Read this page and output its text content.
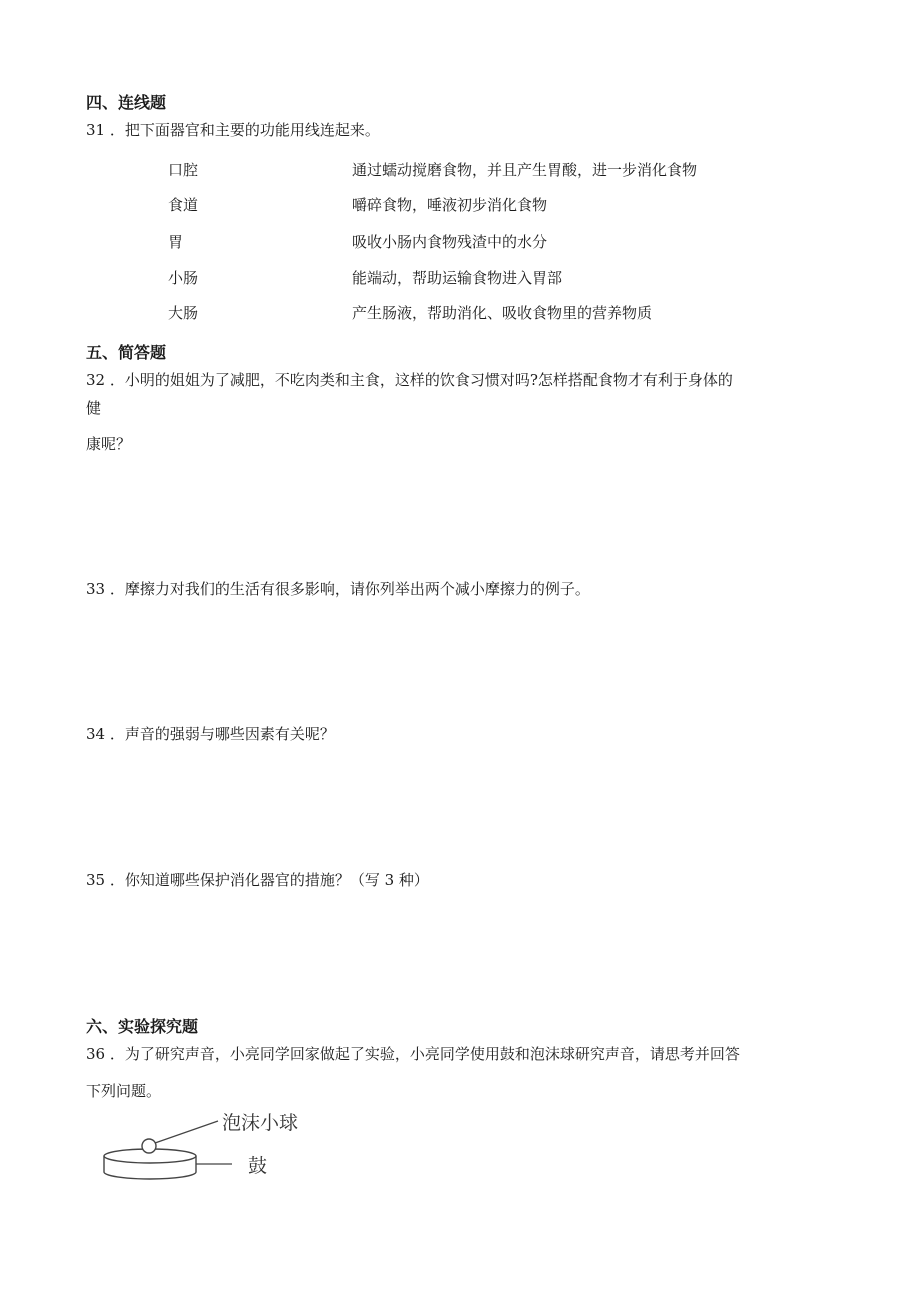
四、连线题
31 ．把下面器官和主要的功能用线连起来。
口腔
食道
胃
小肠
大肠
通过蠕动搅磨食物，并且产生胃酸，进一步消化食物
嚼碎食物，唾液初步消化食物
吸收小肠内食物残渣中的水分
能端动，帮助运输食物进入胃部
产生肠液，帮助消化、吸收食物里的营养物质
五、简答题
32 ．小明的姐姐为了减肥，不吃肉类和主食，这样的饮食习惯对吗?怎样搭配食物才有利于身体的
健
康呢？
33 ．摩擦力对我们的生活有很多影响，请你列举出两个减小摩擦力的例子。
34 ．声音的强弱与哪些因素有关呢？
35 ．你知道哪些保护消化器官的措施？（写 3 种）
六、实验探究题
36 ．为了研究声音，小亮同学回家做起了实验，小亮同学使用鼓和泡沫球研究声音，请思考并回答
下列问题。
泡沫小球
鼓
